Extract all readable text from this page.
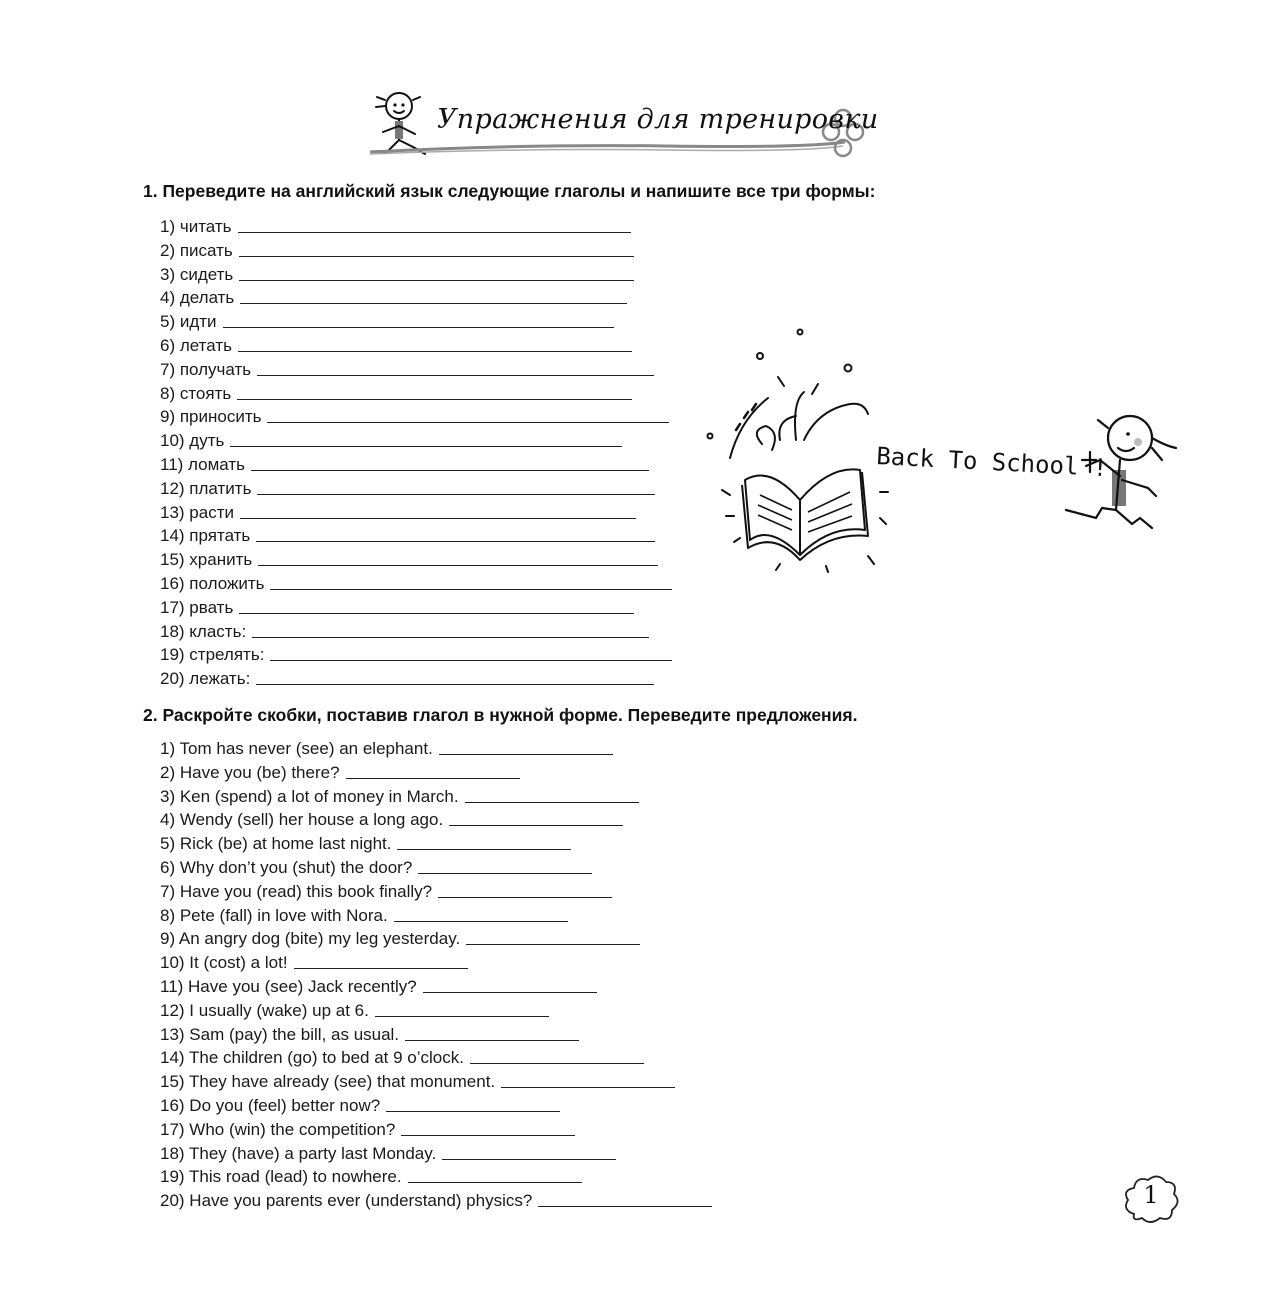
Упражнения для тренировки
1. Переведите на английский язык следующие глаголы и напишите все три формы:
1) читать
2) писать
3) сидеть
4) делать
5) идти
6) летать
7) получать
8) стоять
9) приносить
10) дуть
11) ломать
12) платить
13) расти
14) прятать
15) хранить
16) положить
17) рвать
18) класть:
19) стрелять:
20) лежать:
2. Раскройте скобки, поставив глагол в нужной форме. Переведите предложения.
1) Tom has never (see) an elephant.
2) Have you (be) there?
3) Ken (spend) a lot of money in March.
4) Wendy (sell) her house a long ago.
5) Rick (be) at home last night.
6) Why don’t you (shut) the door?
7) Have you (read) this book finally?
8) Pete (fall) in love with Nora.
9) An angry dog (bite) my leg yesterday.
10) It (cost) a lot!
11) Have you (see) Jack recently?
12) I usually (wake) up at 6.
13) Sam (pay) the bill, as usual.
14) The children (go) to bed at 9 o’clock.
15) They have already (see) that monument.
16) Do you (feel) better now?
17) Who (win) the competition?
18) They (have) a party last Monday.
19) This road (lead) to nowhere.
20) Have you parents ever (understand) physics?
Back To School !
1
